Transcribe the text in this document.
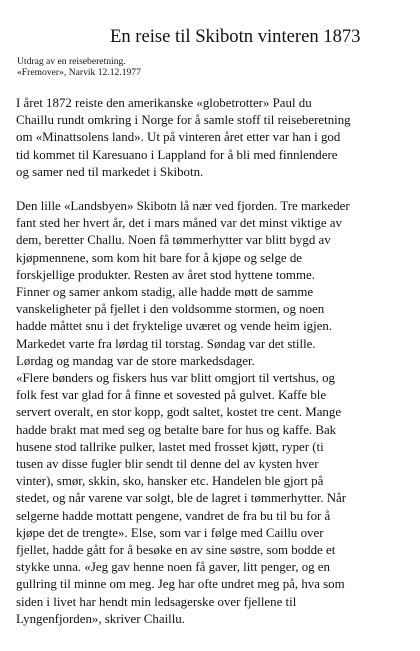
En reise til Skibotn vinteren 1873
Utdrag av en reiseberetning.
«Fremover», Narvik 12.12.1977

I året 1872 reiste den amerikanske «globetrotter» Paul du
Chaillu rundt omkring i Norge for å samle stoff til reiseberetning
om «Minattsolens land». Ut på vinteren året etter var han i god
tid kommet til Karesuano i Lappland for å bli med finnlendere
og samer ned til markedet i Skibotn.

Den lille «Landsbyen» Skibotn lå nær ved fjorden. Tre markeder
fant sted her hvert år, det i mars måned var det minst viktige av
dem, beretter Challu. Noen få tømmerhytter var blitt bygd av
kjøpmennene, som kom hit bare for å kjøpe og selge de
forskjellige produkter. Resten av året stod hyttene tomme.
Finner og samer ankom stadig, alle hadde møtt de samme
vanskeligheter på fjellet i den voldsomme stormen, og noen
hadde måttet snu i det fryktelige uværet og vende heim igjen.
Markedet varte fra lørdag til torstag. Søndag var det stille.
Lørdag og mandag var de store markedsdager.

«Flere bønders og fiskers hus var blitt omgjort til vertshus, og
folk fest var glad for å finne et sovested på gulvet. Kaffe ble
servert overalt, en stor kopp, godt saltet, kostet tre cent. Mange
hadde brakt mat med seg og betalte bare for hus og kaffe. Bak
husene stod tallrike pulker, lastet med frosset kjøtt, ryper (ti
tusen av disse fugler blir sendt til denne del av kysten hver
vinter), smør, skkin, sko, hansker etc. Handelen ble gjort på
stedet, og når varene var solgt, ble de lagret i tømmerhytter. Når
selgerne hadde mottatt pengene, vandret de fra bu til bu for å
kjøpe det de trengte». Else, som var i følge med Caillu over
fjellet, hadde gått for å besøke en av sine søstre, som bodde et
stykke unna. «Jeg gav henne noen få gaver, litt penger, og en
gullring til minne om meg. Jeg har ofte undret meg på, hva som
siden i livet har hendt min ledsagerske over fjellene til
Lyngenfjorden», skriver Chaillu.
